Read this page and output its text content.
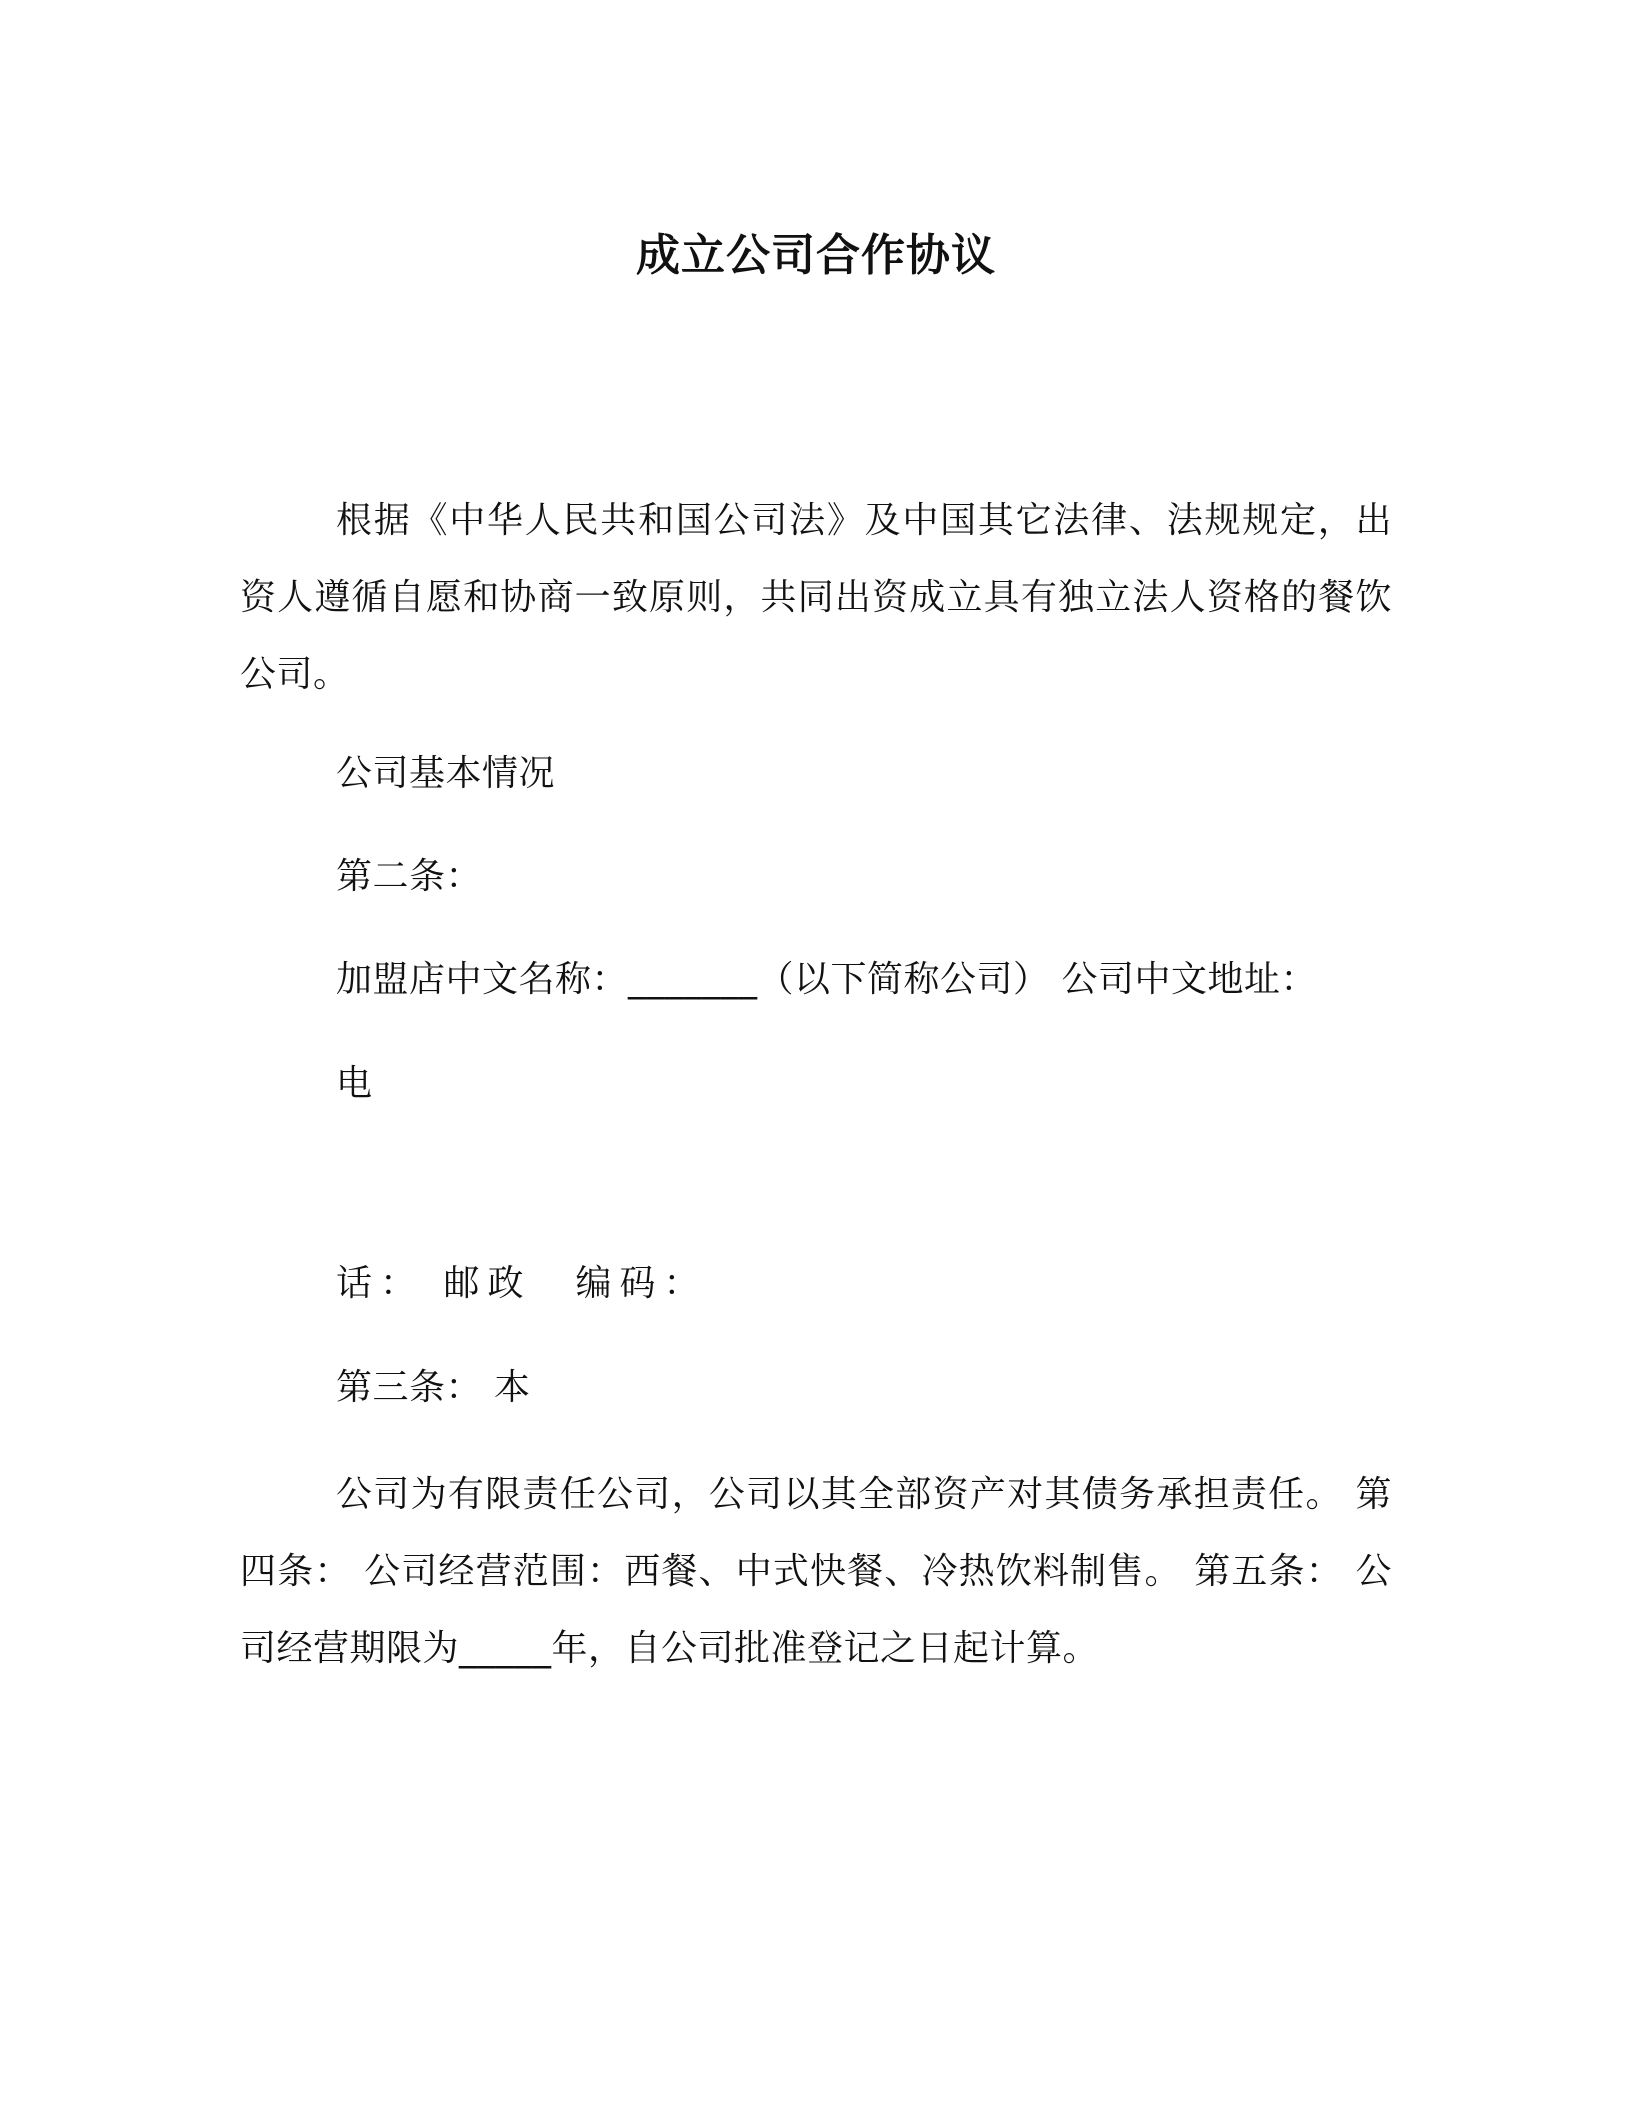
成立公司合作协议
根据《中华人民共和国公司法》及中国其它法律、法规规定，出资人遵循自愿和协商一致原则，共同出资成立具有独立法人资格的餐饮公司。
公司基本情况
第二条：
加盟店中文名称：_______（以下简称公司） 公司中文地址：
电
话： 邮政　编码：
第三条： 本
公司为有限责任公司，公司以其全部资产对其债务承担责任。 第四条： 公司经营范围：西餐、中式快餐、冷热饮料制售。 第五条： 公司经营期限为_____年，自公司批准登记之日起计算。
